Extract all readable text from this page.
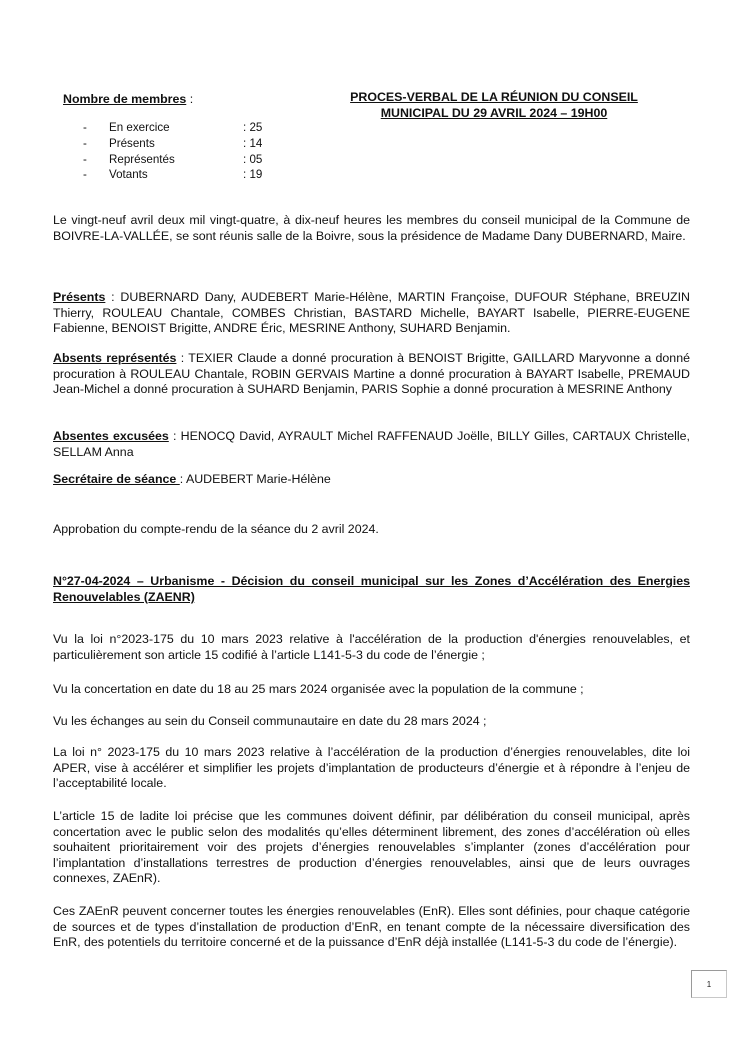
Nombre de membres :
-	En exercice	: 25
-	Présents	: 14
-	Représentés	: 05
-	Votants	: 19
PROCES-VERBAL DE LA RÉUNION DU CONSEIL
MUNICIPAL DU 29 AVRIL 2024 – 19H00

Le vingt-neuf avril deux mil vingt-quatre, à dix-neuf heures les membres du conseil municipal de la Commune de BOIVRE-LA-VALLÉE, se sont réunis salle de la Boivre, sous la présidence de Madame Dany DUBERNARD, Maire.

Présents : DUBERNARD Dany, AUDEBERT Marie-Hélène, MARTIN Françoise, DUFOUR Stéphane, BREUZIN Thierry, ROULEAU Chantale, COMBES Christian, BASTARD Michelle, BAYART Isabelle, PIERRE-EUGENE Fabienne, BENOIST Brigitte, ANDRE Éric, MESRINE Anthony, SUHARD Benjamin.

Absents représentés : TEXIER Claude a donné procuration à BENOIST Brigitte, GAILLARD Maryvonne a donné procuration à ROULEAU Chantale, ROBIN GERVAIS Martine a donné procuration à BAYART Isabelle, PREMAUD Jean-Michel a donné procuration à SUHARD Benjamin, PARIS Sophie a donné procuration à MESRINE Anthony

Absentes excusées : HENOCQ David, AYRAULT Michel RAFFENAUD Joëlle, BILLY Gilles, CARTAUX Christelle, SELLAM Anna

Secrétaire de séance : AUDEBERT Marie-Hélène

Approbation du compte-rendu de la séance du 2 avril 2024.

N°27-04-2024 – Urbanisme - Décision du conseil municipal sur les Zones d’Accélération des Energies Renouvelables (ZAENR)

Vu la loi n°2023-175 du 10 mars 2023 relative à l'accélération de la production d'énergies renouvelables, et particulièrement son article 15 codifié à l’article L141-5-3 du code de l’énergie ;

Vu la concertation en date du 18 au 25 mars 2024 organisée avec la population de la commune ;

Vu les échanges au sein du Conseil communautaire en date du 28 mars 2024 ;

La loi n° 2023-175 du 10 mars 2023 relative à l’accélération de la production d’énergies renouvelables, dite loi APER, vise à accélérer et simplifier les projets d’implantation de producteurs d’énergie et à répondre à l’enjeu de l’acceptabilité locale.

L’article 15 de ladite loi précise que les communes doivent définir, par délibération du conseil municipal, après concertation avec le public selon des modalités qu’elles déterminent librement, des zones d’accélération où elles souhaitent prioritairement voir des projets d’énergies renouvelables s’implanter (zones d’accélération pour l’implantation d’installations terrestres de production d’énergies renouvelables, ainsi que de leurs ouvrages connexes, ZAEnR).

Ces ZAEnR peuvent concerner toutes les énergies renouvelables (EnR). Elles sont définies, pour chaque catégorie de sources et de types d’installation de production d’EnR, en tenant compte de la nécessaire diversification des EnR, des potentiels du territoire concerné et de la puissance d’EnR déjà installée (L141-5-3 du code de l’énergie).

1
